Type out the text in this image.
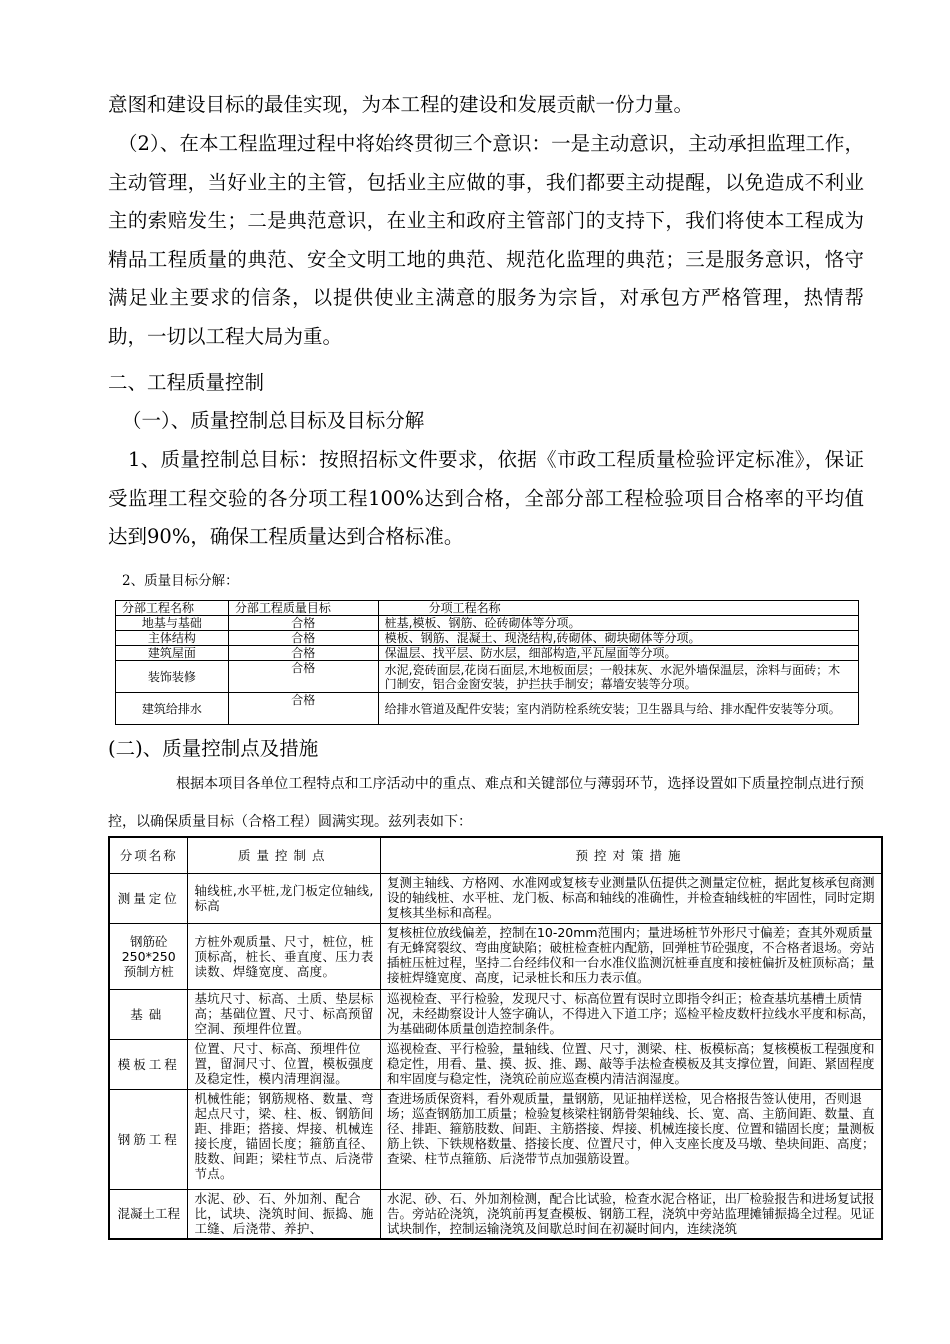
意图和建设目标的最佳实现，为本工程的建设和发展贡献一份力量。

（2）、在本工程监理过程中将始终贯彻三个意识：一是主动意识，主动承担监理工作，主动管理，当好业主的主管，包括业主应做的事，我们都要主动提醒，以免造成不利业主的索赔发生；二是典范意识，在业主和政府主管部门的支持下，我们将使本工程成为精品工程质量的典范、安全文明工地的典范、规范化监理的典范；三是服务意识，恪守满足业主要求的信条，以提供使业主满意的服务为宗旨，对承包方严格管理，热情帮助，一切以工程大局为重。

二、工程质量控制

（一）、质量控制总目标及目标分解

1、质量控制总目标：按照招标文件要求，依据《市政工程质量检验评定标准》，保证受监理工程交验的各分项工程100%达到合格，全部分部工程检验项目合格率的平均值达到90%，确保工程质量达到合格标准。

2、质量目标分解：

分部工程名称	分部工程质量目标	分项工程名称
地基与基础	合格	桩基,模板、钢筋、砼砖砌体等分项。
主体结构	合格	模板、钢筋、混凝土、现浇结构,砖砌体、砌块砌体等分项。
建筑屋面	合格	保温层、找平层、防水层，细部构造,平瓦屋面等分项。
装饰装修	合格	水泥,瓷砖面层,花岗石面层,木地板面层；一般抹灰、水泥外墙保温层，涂料与面砖；木门制安，铝合金窗安装，护拦扶手制安；幕墙安装等分项。
建筑给排水	合格	给排水管道及配件安装；室内消防栓系统安装；卫生器具与给、排水配件安装等分项。

(二)、质量控制点及措施

根据本项目各单位工程特点和工序活动中的重点、难点和关键部位与薄弱环节，选择设置如下质量控制点进行预控，以确保质量目标（合格工程）圆满实现。兹列表如下：

分项名称	质量控制点	预控对策措施
测量定位	轴线桩,水平桩,龙门板定位轴线,标高	复测主轴线、方格网、水准网或复核专业测量队伍提供之测量定位桩，据此复核承包商测设的轴线桩、水平桩、龙门板、标高和轴线的准确性，并检查轴线桩的牢固性，同时定期复核其坐标和高程。
钢筋砼250*250预制方桩	方桩外观质量、尺寸，桩位，桩顶标高，桩长、垂直度、压力表读数、焊缝宽度、高度。	复核桩位放线偏差，控制在10-20mm范围内；量进场桩节外形尺寸偏差；查其外观质量有无蜂窝裂纹、弯曲度缺陷；破桩检查桩内配筋，回弹桩节砼强度，不合格者退场。旁站插桩压桩过程，坚持二台经纬仪和一台水准仪监测沉桩垂直度和接桩偏折及桩顶标高；量接桩焊缝宽度、高度，记录桩长和压力表示值。
基础	基坑尺寸、标高、土质、垫层标高；基础位置、尺寸、标高预留空洞、预埋件位置。	巡视检查、平行检验，发现尺寸、标高位置有误时立即指令纠正；检查基坑基槽土质情况，未经勘察设计人签字确认，不得进入下道工序；巡检平检皮数杆拉线水平度和标高，为基础砌体质量创造控制条件。
模板工程	位置、尺寸、标高、预埋件位置，留洞尺寸、位置，模板强度及稳定性，模内清理润湿。	巡视检查、平行检验，量轴线、位置、尺寸，测梁、柱、板模标高；复核模板工程强度和稳定性，用看、量、摸、扳、推、踢、敲等手法检查模板及其支撑位置，间距、紧固程度和牢固度与稳定性，浇筑砼前应巡查模内清洁润湿度。
钢筋工程	机械性能；钢筋规格、数量、弯起点尺寸，梁、柱、板、钢筋间距、排距；搭接、焊接、机械连接长度，锚固长度；箍筋直径、肢数、间距；梁柱节点、后浇带节点。	查进场质保资料，看外观质量，量钢筋，见证抽样送检，见合格报告签认使用，否则退场；巡查钢筋加工质量；检验复核梁柱钢筋骨架轴线、长、宽、高、主筋间距、数量、直径、排距、箍筋肢数、间距、主筋搭接、焊接、机械连接长度、位置和锚固长度；量测板筋上铁、下铁规格数量、搭接长度、位置尺寸，伸入支座长度及马墩、垫块间距、高度；查梁、柱节点箍筋、后浇带节点加强筋设置。
混凝土工程	水泥、砂、石、外加剂、配合比，试块、浇筑时间、振捣、施工缝、后浇带、养护、	水泥、砂、石、外加剂检测，配合比试验，检查水泥合格证，出厂检验报告和进场复试报告。旁站砼浇筑，浇筑前再复查模板、钢筋工程，浇筑中旁站监理摊铺振捣全过程。见证试块制作，控制运输浇筑及间歇总时间在初凝时间内，连续浇筑
